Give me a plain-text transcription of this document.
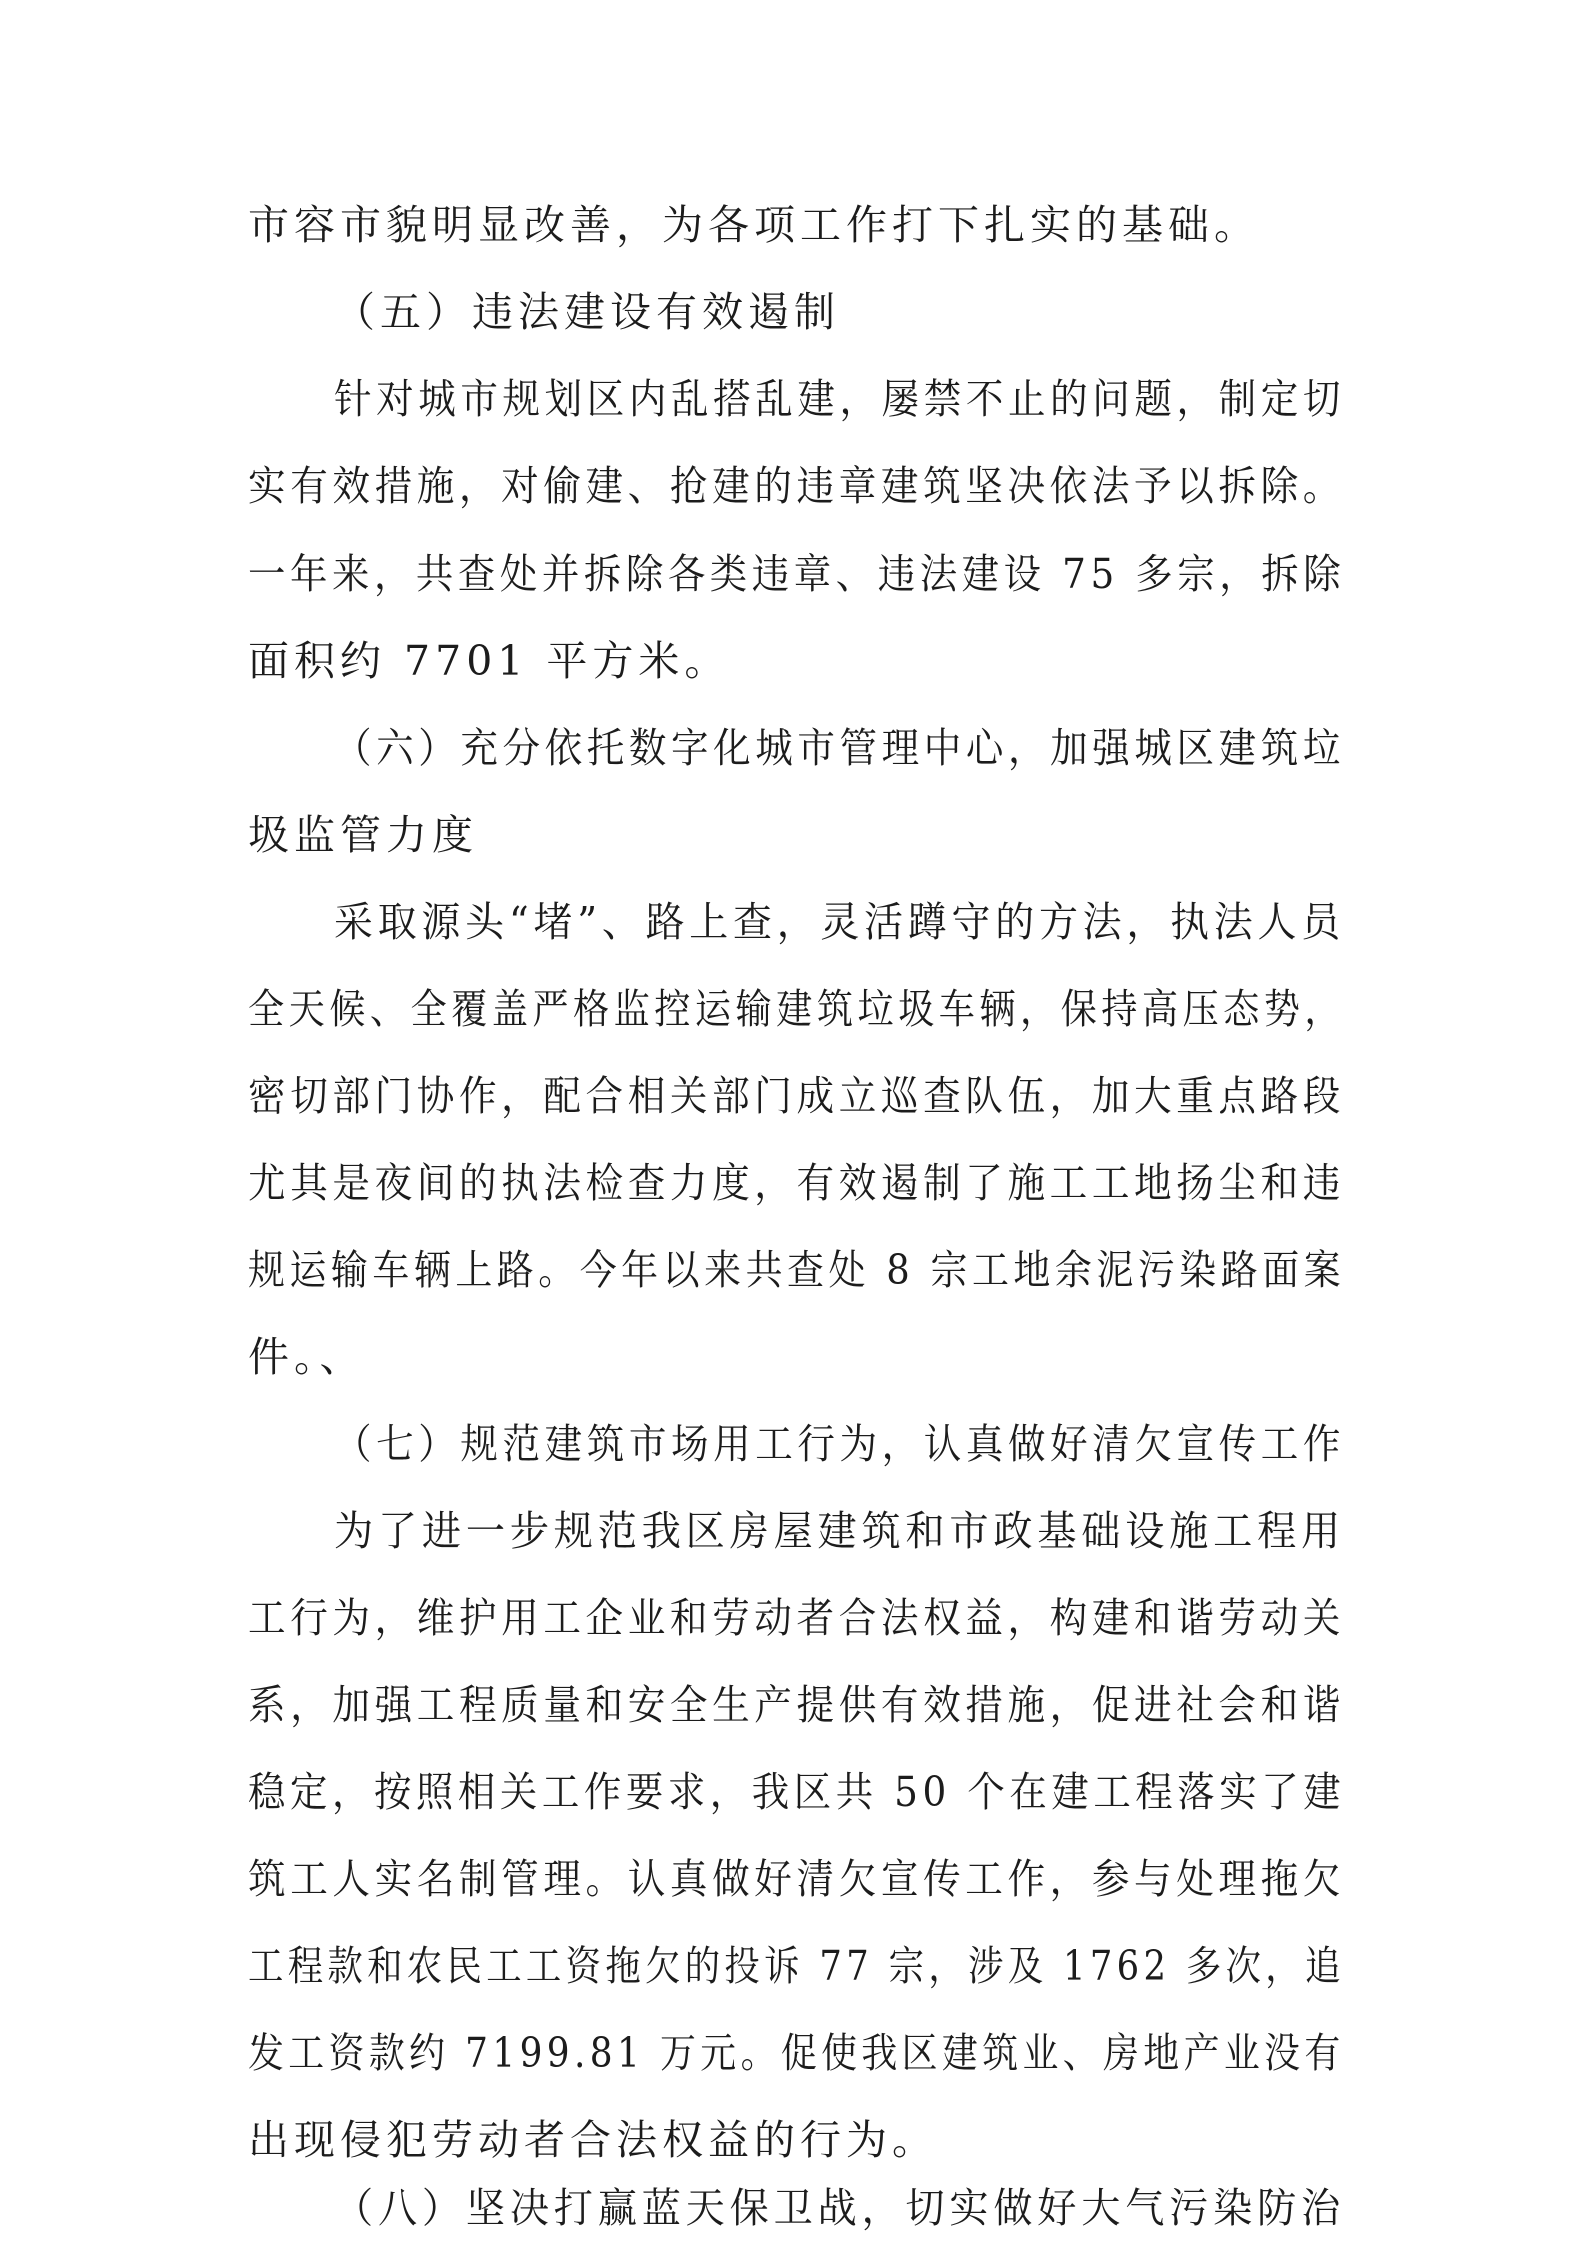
市容市貌明显改善，为各项工作打下扎实的基础。
（五）违法建设有效遏制
针对城市规划区内乱搭乱建，屡禁不止的问题，制定切
实有效措施，对偷建、抢建的违章建筑坚决依法予以拆除。
一年来，共查处并拆除各类违章、违法建设 75 多宗，拆除
面积约 7701 平方米。
（六）充分依托数字化城市管理中心，加强城区建筑垃
圾监管力度
采取源头“堵”、路上查，灵活蹲守的方法，执法人员
全天候、全覆盖严格监控运输建筑垃圾车辆，保持高压态势，
密切部门协作，配合相关部门成立巡查队伍，加大重点路段
尤其是夜间的执法检查力度，有效遏制了施工工地扬尘和违
规运输车辆上路。今年以来共查处 8 宗工地余泥污染路面案
件。、
（七）规范建筑市场用工行为，认真做好清欠宣传工作
为了进一步规范我区房屋建筑和市政基础设施工程用
工行为，维护用工企业和劳动者合法权益，构建和谐劳动关
系，加强工程质量和安全生产提供有效措施，促进社会和谐
稳定，按照相关工作要求，我区共 50 个在建工程落实了建
筑工人实名制管理。认真做好清欠宣传工作，参与处理拖欠
工程款和农民工工资拖欠的投诉 77 宗，涉及 1762 多次，追
发工资款约 7199.81 万元。促使我区建筑业、房地产业没有
出现侵犯劳动者合法权益的行为。
（八）坚决打赢蓝天保卫战，切实做好大气污染防治
